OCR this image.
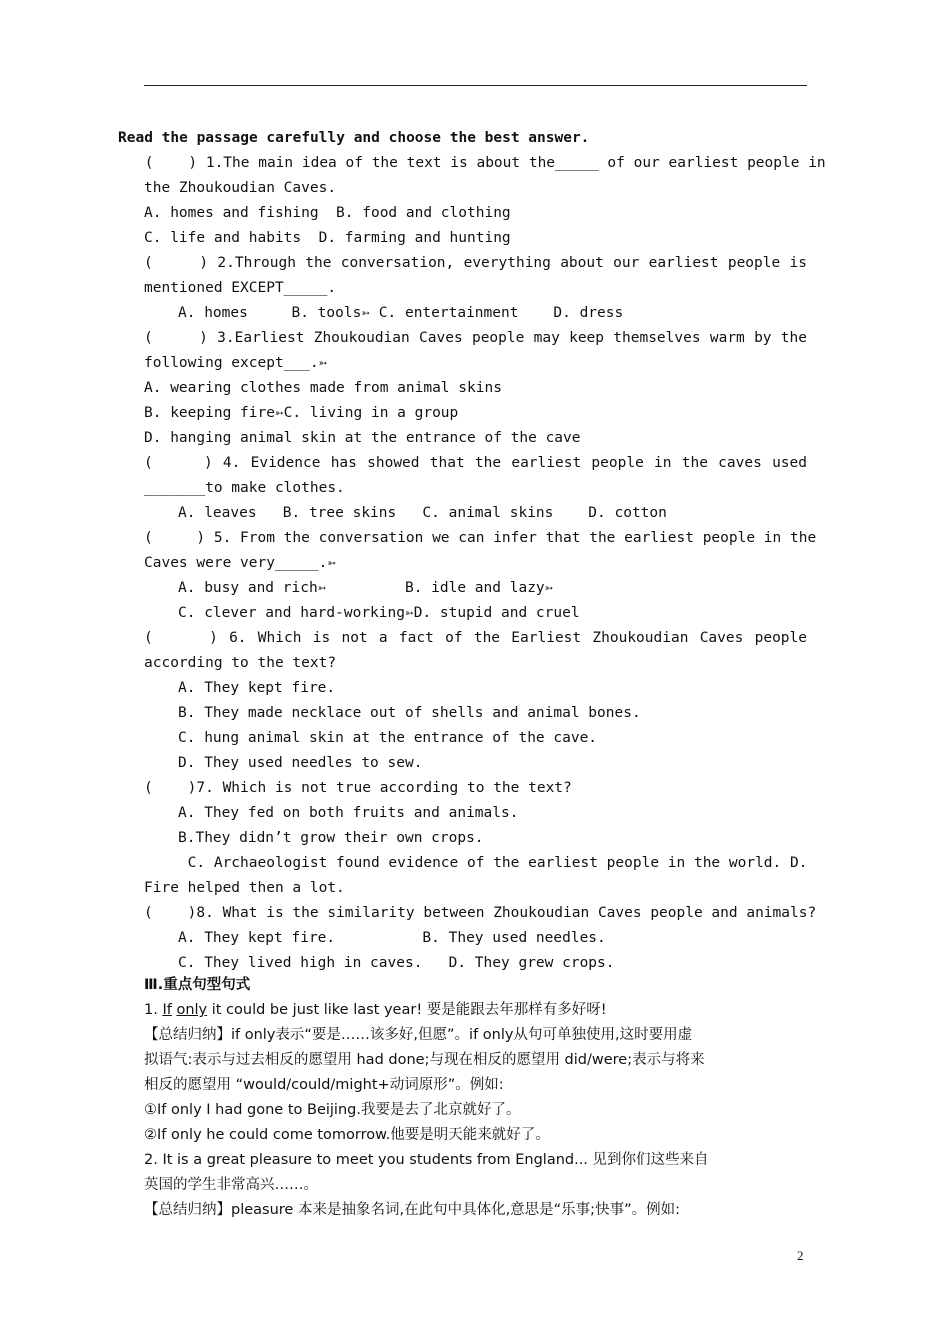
Read the passage carefully and choose the best answer.
(    ) 1.The main idea of the text is about the_____ of our earliest people in
the Zhoukoudian Caves.
A. homes and fishing  B. food and clothing
C. life and habits  D. farming and hunting
(     ) 2.Through the conversation, everything about our earliest people is
mentioned EXCEPT_____.
A. homes     B. tools➳ C. entertainment    D. dress
(     ) 3.Earliest Zhoukoudian Caves people may keep themselves warm by the
following except___.➳
A. wearing clothes made from animal skins
B. keeping fire➳C. living in a group
D. hanging animal skin at the entrance of the cave
(     ) 4. Evidence has showed that the earliest people in the caves used
_______to make clothes.
A. leaves   B. tree skins   C. animal skins    D. cotton
(     ) 5. From the conversation we can infer that the earliest people in the
Caves were very_____.➳
A. busy and rich➳         B. idle and lazy➳
C. clever and hard-working➳D. stupid and cruel
(     ) 6. Which is not a fact of the Earliest Zhoukoudian Caves people
according to the text?
A. They kept fire.
B. They made necklace out of shells and animal bones.
C. hung animal skin at the entrance of the cave.
D. They used needles to sew.
(    )7. Which is not true according to the text?
A. They fed on both fruits and animals.
B.They didn’t grow their own crops.
C. Archaeologist found evidence of the earliest people in the world. D.
Fire helped then a lot.
(    )8. What is the similarity between Zhoukoudian Caves people and animals?
A. They kept fire.          B. They used needles.
C. They lived high in caves.   D. They grew crops.
Ⅲ.重点句型句式
1. If only it could be just like last year! 要是能跟去年那样有多好呀!
【总结归纳】if only表示“要是……该多好,但愿”。if only从句可单独使用,这时要用虚
拟语气:表示与过去相反的愿望用 had done;与现在相反的愿望用 did/were;表示与将来
相反的愿望用 “would/could/might+动词原形”。例如:
①If only I had gone to Beijing.我要是去了北京就好了。
②If only he could come tomorrow.他要是明天能来就好了。
2. It is a great pleasure to meet you students from England... 见到你们这些来自
英国的学生非常高兴……。
【总结归纳】pleasure 本来是抽象名词,在此句中具体化,意思是“乐事;快事”。例如:
2
